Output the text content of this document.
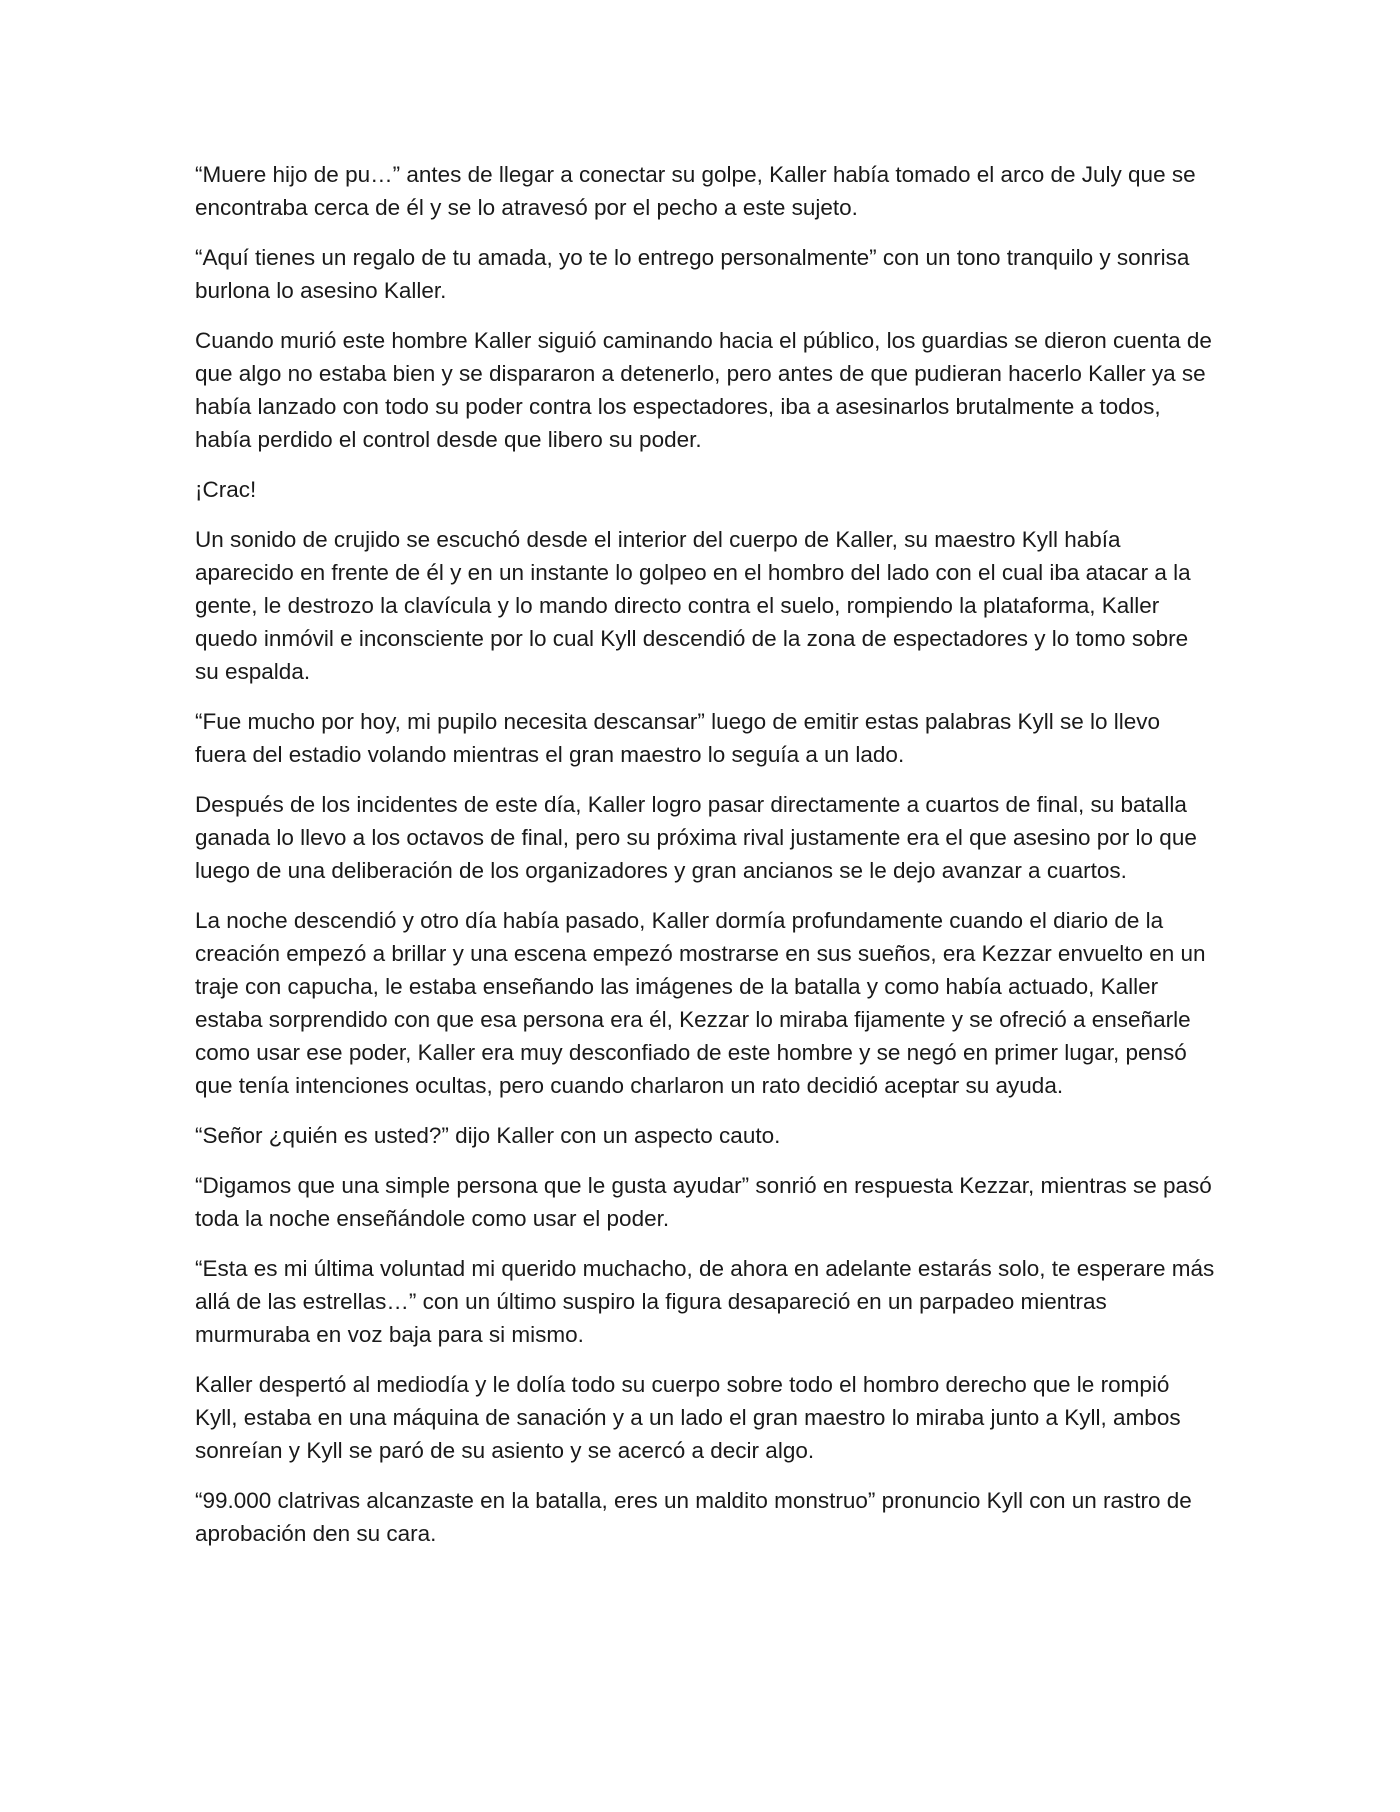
“Muere hijo de pu…” antes de llegar a conectar su golpe, Kaller había tomado el arco de July que se encontraba cerca de él y se lo atravesó por el pecho a este sujeto.

“Aquí tienes un regalo de tu amada, yo te lo entrego personalmente” con un tono tranquilo y sonrisa burlona lo asesino Kaller.

Cuando murió este hombre Kaller siguió caminando hacia el público, los guardias se dieron cuenta de que algo no estaba bien y se dispararon a detenerlo, pero antes de que pudieran hacerlo Kaller ya se había lanzado con todo su poder contra los espectadores, iba a asesinarlos brutalmente a todos, había perdido el control desde que libero su poder.

¡Crac!

Un sonido de crujido se escuchó desde el interior del cuerpo de Kaller, su maestro Kyll había aparecido en frente de él y en un instante lo golpeo en el hombro del lado con el cual iba atacar a la gente, le destrozo la clavícula y lo mando directo contra el suelo, rompiendo la plataforma, Kaller quedo inmóvil e inconsciente por lo cual Kyll descendió de la zona de espectadores y lo tomo sobre su espalda.

“Fue mucho por hoy, mi pupilo necesita descansar” luego de emitir estas palabras Kyll se lo llevo fuera del estadio volando mientras el gran maestro lo seguía a un lado.

Después de los incidentes de este día, Kaller logro pasar directamente a cuartos de final, su batalla ganada lo llevo a los octavos de final, pero su próxima rival justamente era el que asesino por lo que luego de una deliberación de los organizadores y gran ancianos se le dejo avanzar a cuartos.

La noche descendió y otro día había pasado, Kaller dormía profundamente cuando el diario de la creación empezó a brillar y una escena empezó mostrarse en sus sueños, era Kezzar envuelto en un traje con capucha, le estaba enseñando las imágenes de la batalla y como había actuado, Kaller estaba sorprendido con que esa persona era él, Kezzar lo miraba fijamente y se ofreció a enseñarle como usar ese poder, Kaller era muy desconfiado de este hombre y se negó en primer lugar, pensó que tenía intenciones ocultas, pero cuando charlaron un rato decidió aceptar su ayuda.

“Señor ¿quién es usted?” dijo Kaller con un aspecto cauto.

“Digamos que una simple persona que le gusta ayudar” sonrió en respuesta Kezzar, mientras se pasó toda la noche enseñándole como usar el poder.

“Esta es mi última voluntad mi querido muchacho, de ahora en adelante estarás solo, te esperare más allá de las estrellas…” con un último suspiro la figura desapareció en un parpadeo mientras murmuraba en voz baja para si mismo.

Kaller despertó al mediodía y le dolía todo su cuerpo sobre todo el hombro derecho que le rompió Kyll, estaba en una máquina de sanación y a un lado el gran maestro lo miraba junto a Kyll, ambos sonreían y Kyll se paró de su asiento y se acercó a decir algo.

“99.000 clatrivas alcanzaste en la batalla, eres un maldito monstruo” pronuncio Kyll con un rastro de aprobación den su cara.
